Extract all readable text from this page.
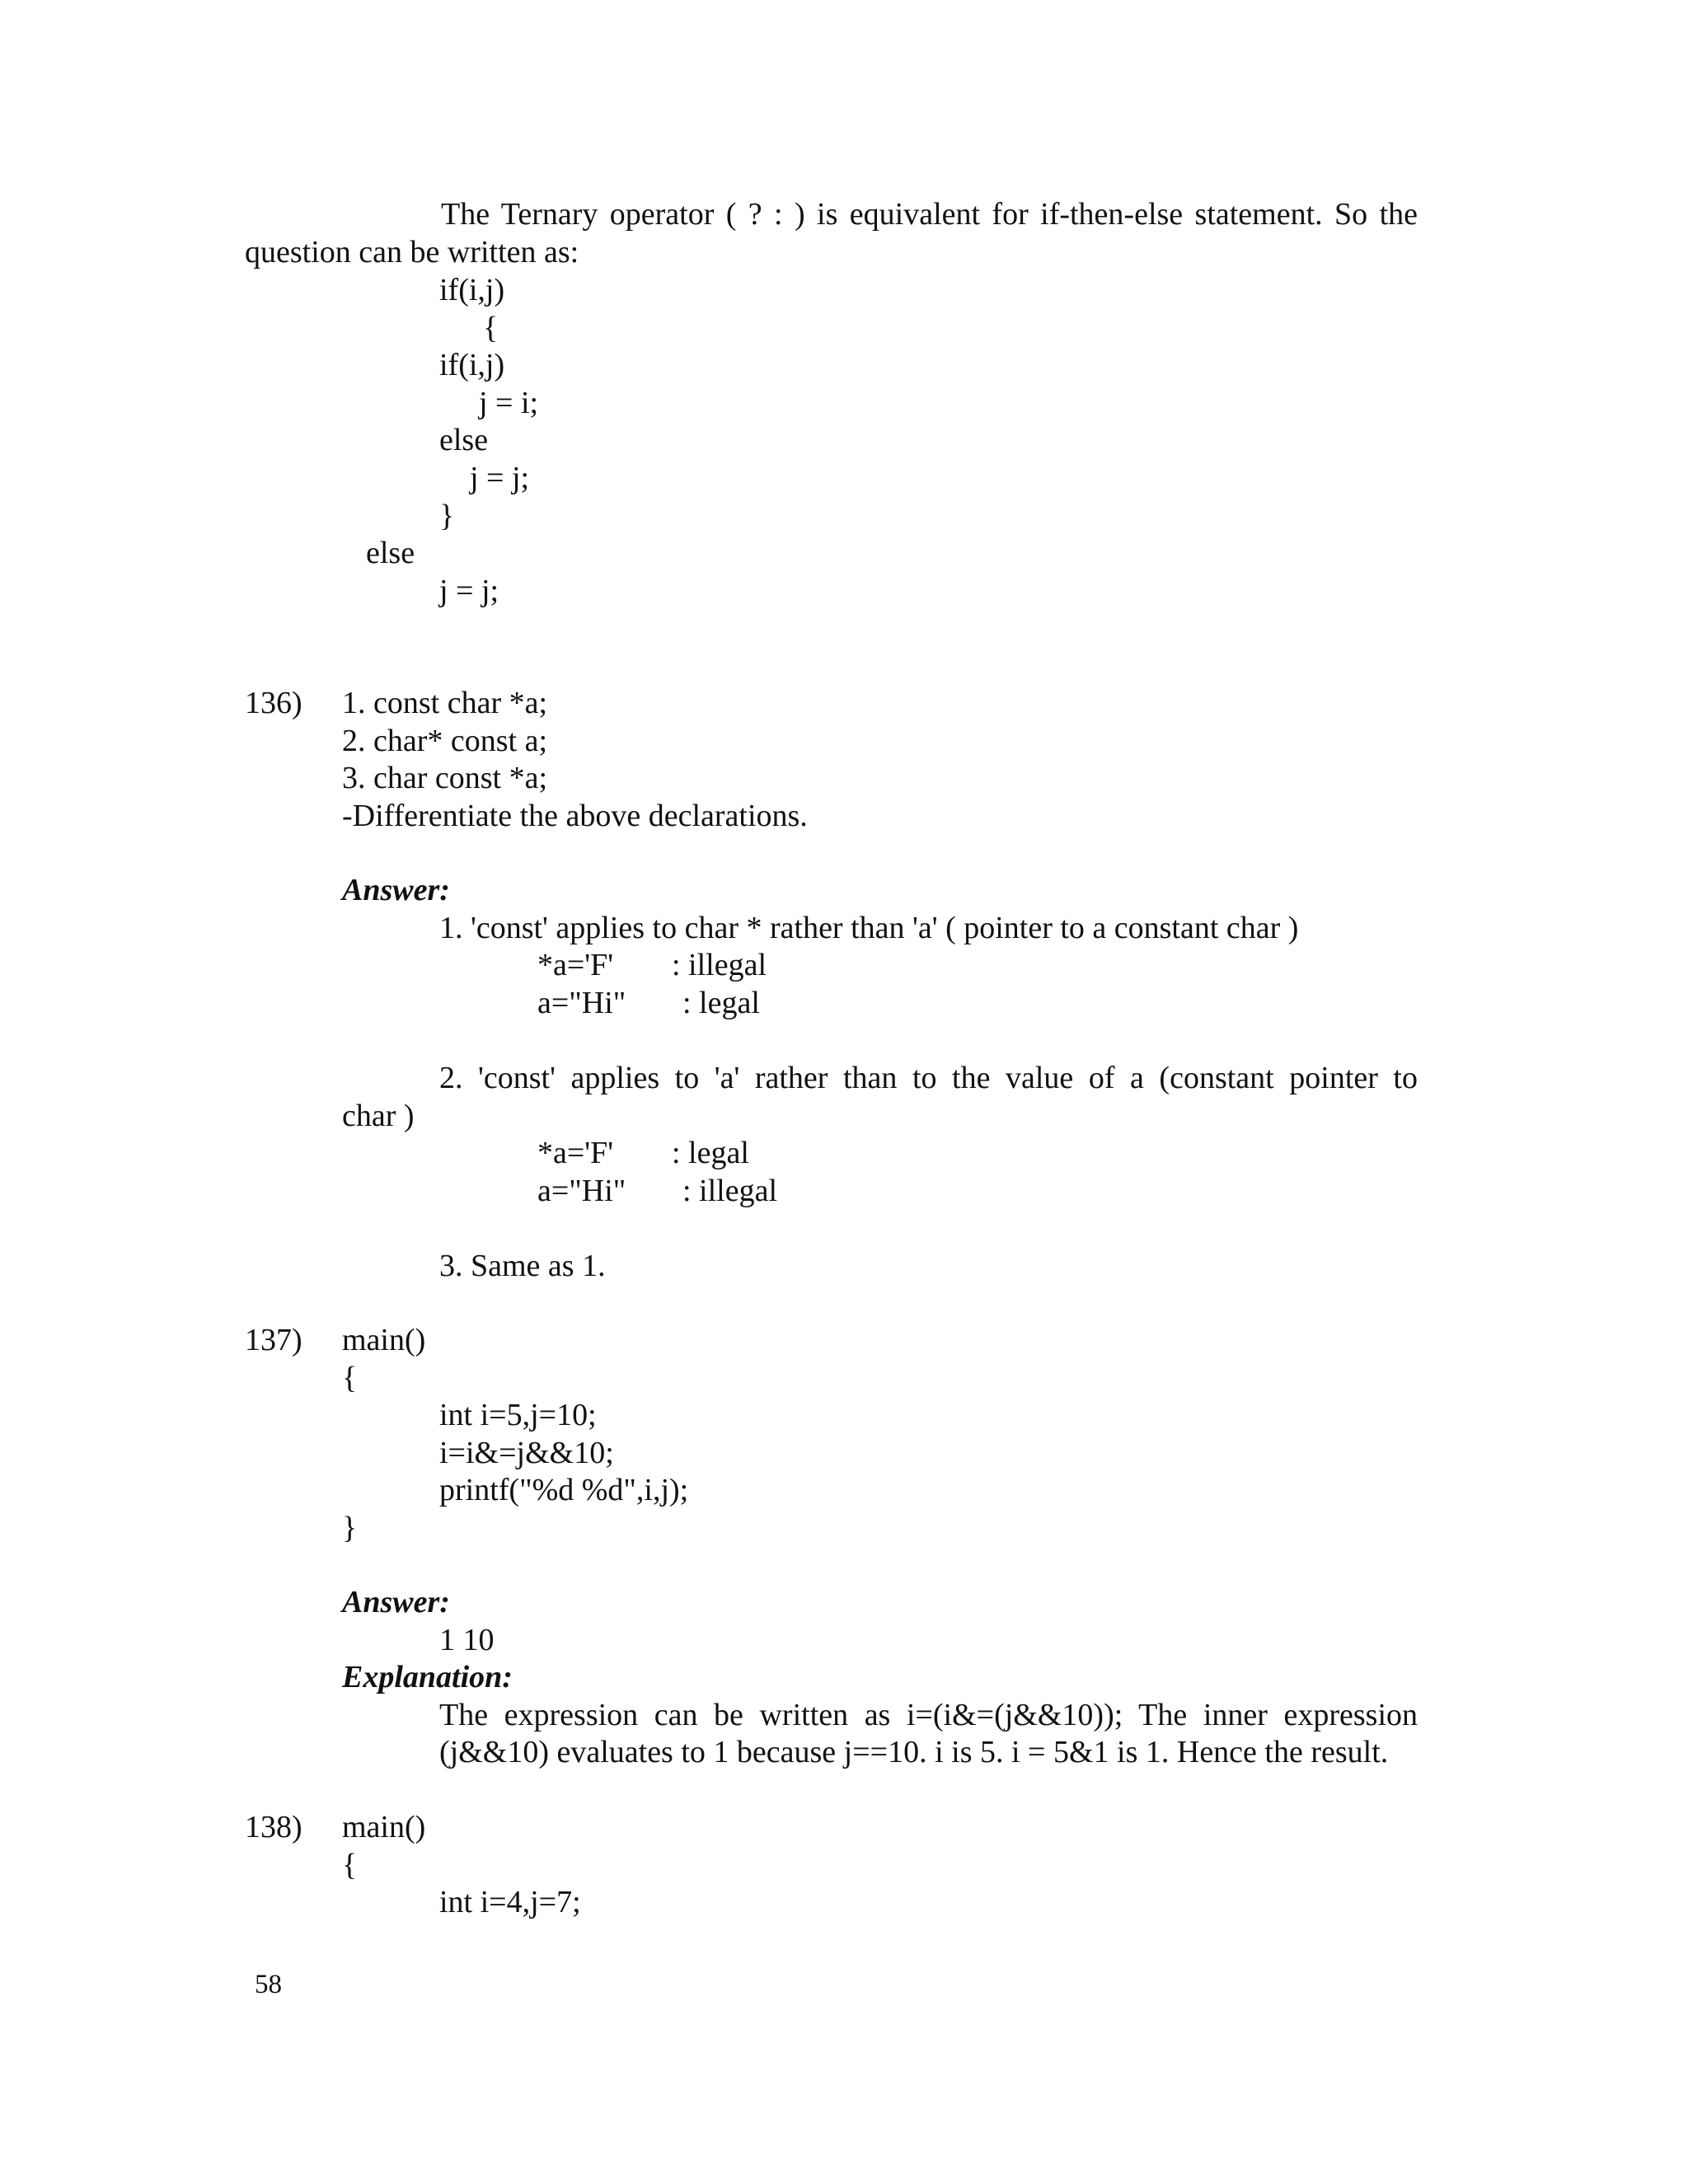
The Ternary operator ( ? : ) is equivalent for if-then-else statement. So the
question can be written as:
if(i,j)
{
if(i,j)
j = i;
else
j = j;
}
else
j = j;
136) 1. const char *a;
2. char* const a;
3. char const *a;
-Differentiate the above declarations.
Answer:
1. 'const' applies to char * rather than 'a' ( pointer to a constant char )
*a='F' : illegal
a="Hi" : legal
2. 'const' applies to 'a' rather than to the value of a (constant pointer to
char )
*a='F' : legal
a="Hi" : illegal
3. Same as 1.
137) main()
{
int i=5,j=10;
i=i&=j&&10;
printf("%d %d",i,j);
}
Answer:
1 10
Explanation:
The expression can be written as i=(i&=(j&&10)); The inner expression
(j&&10) evaluates to 1 because j==10. i is 5. i = 5&1 is 1. Hence the result.
138) main()
{
int i=4,j=7;
58
